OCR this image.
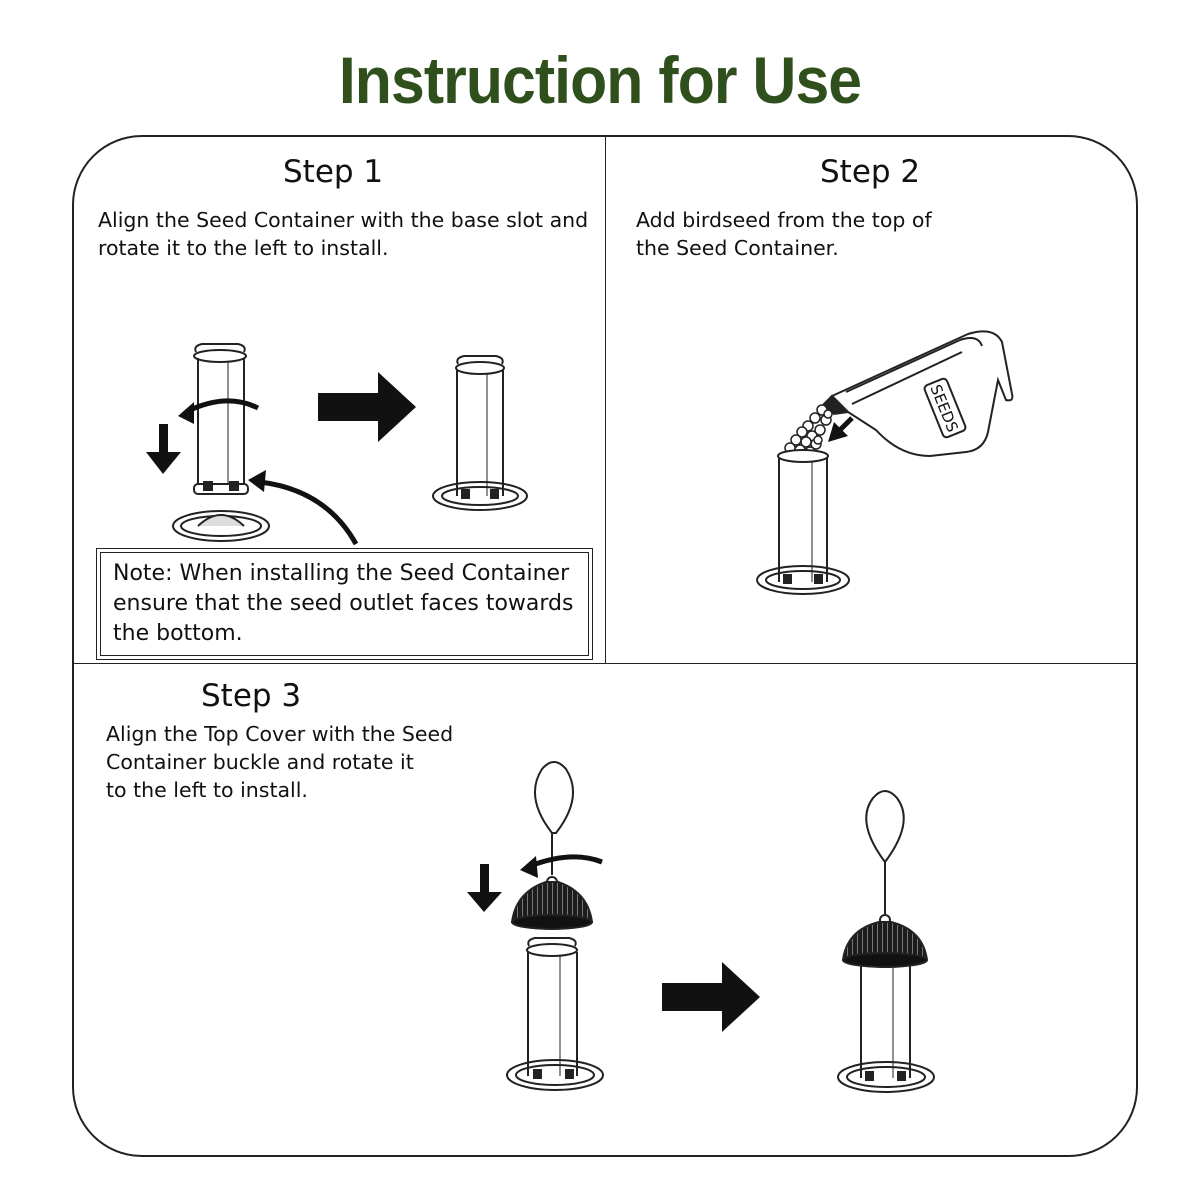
Instruction for Use
Step 1
Align the Seed Container with the base slot and
rotate it to the left to install.
Step 2
Add birdseed from the top of
the Seed Container.
Step 3
Align the Top Cover with the Seed
Container buckle and rotate it
to the left to install.
Note: When installing the Seed Container
ensure that the seed outlet faces towards
the bottom.
SEEDS
